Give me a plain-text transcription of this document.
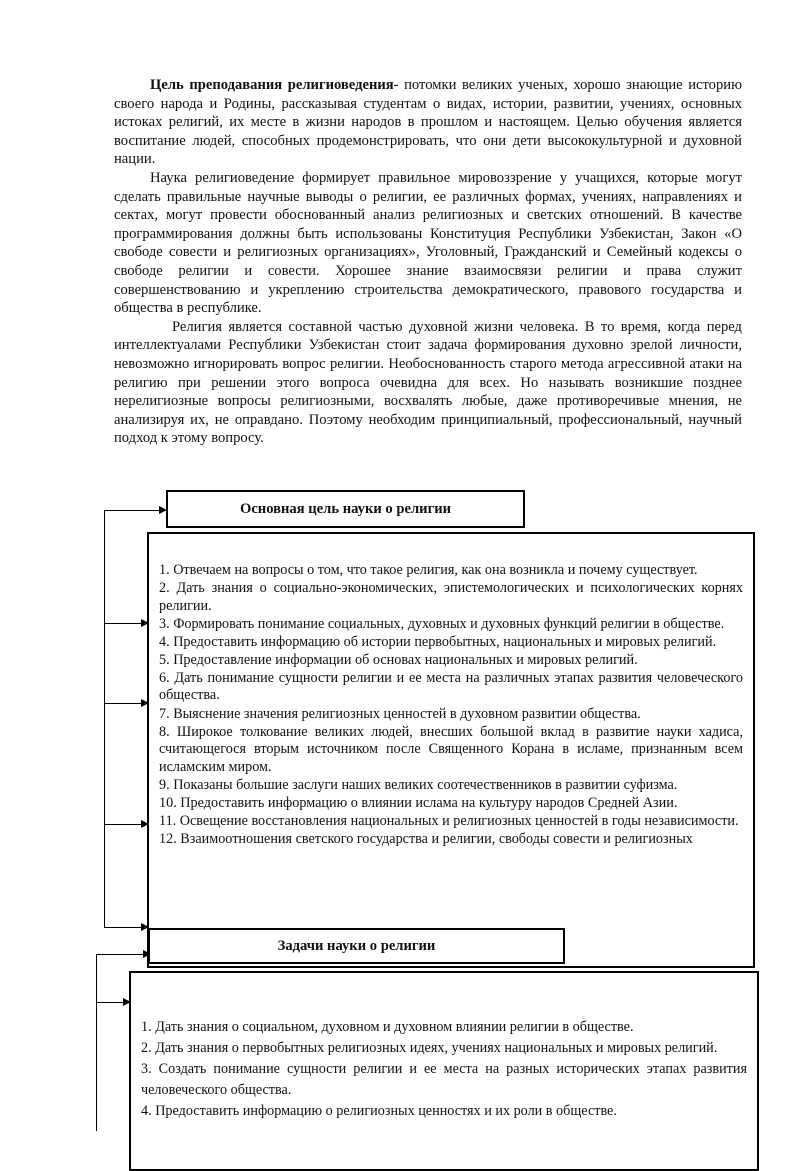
Цель преподавания религиоведения- потомки великих ученых, хорошо знающие историю своего народа и Родины, рассказывая студентам о видах, истории, развитии, учениях, основных истоках религий, их месте в жизни народов в прошлом и настоящем. Целью обучения является воспитание людей, способных продемонстрировать, что они дети высококультурной и духовной нации.

Наука религиоведение формирует правильное мировоззрение у учащихся, которые могут сделать правильные научные выводы о религии, ее различных формах, учениях, направлениях и сектах, могут провести обоснованный анализ религиозных и светских отношений. В качестве программирования должны быть использованы Конституция Республики Узбекистан, Закон «О свободе совести и религиозных организациях», Уголовный, Гражданский и Семейный кодексы о свободе религии и совести. Хорошее знание взаимосвязи религии и права служит совершенствованию и укреплению строительства демократического, правового государства и общества в республике.

Религия является составной частью духовной жизни человека. В то время, когда перед интеллектуалами Республики Узбекистан стоит задача формирования духовно зрелой личности, невозможно игнорировать вопрос религии. Необоснованность старого метода агрессивной атаки на религию при решении этого вопроса очевидна для всех. Но называть возникшие позднее нерелигиозные вопросы религиозными, восхвалять любые, даже противоречивые мнения, не анализируя их, не оправдано. Поэтому необходим принципиальный, профессиональный, научный подход к этому вопросу.

1. Отвечаем на вопросы о том, что такое религия, как она возникла и почему существует.
2. Дать знания о социально-экономических, эпистемологических и психологических корнях религии.
3. Формировать понимание социальных, духовных и духовных функций религии в обществе.
4. Предоставить информацию об истории первобытных, национальных и мировых религий.
5. Предоставление информации об основах национальных и мировых религий.
6. Дать понимание сущности религии и ее места на различных этапах развития человеческого общества.
7. Выяснение значения религиозных ценностей в духовном развитии общества.
8. Широкое толкование великих людей, внесших большой вклад в развитие науки хадиса, считающегося вторым источником после Священного Корана в исламе, признанным всем исламским миром.
9. Показаны большие заслуги наших великих соотечественников в развитии суфизма.
10. Предоставить информацию о влиянии ислама на культуру народов Средней Азии.
11. Освещение восстановления национальных и религиозных ценностей в годы независимости.
12. Взаимоотношения светского государства и религии, свободы совести и религиозных
Основная цель науки о религии
1. Дать знания о социальном, духовном и духовном влиянии религии в обществе.
2. Дать знания о первобытных религиозных идеях, учениях национальных и мировых религий.
3. Создать понимание сущности религии и ее места на разных исторических этапах развития человеческого общества.
4. Предоставить информацию о религиозных ценностях и их роли в обществе.
Задачи науки о религии
